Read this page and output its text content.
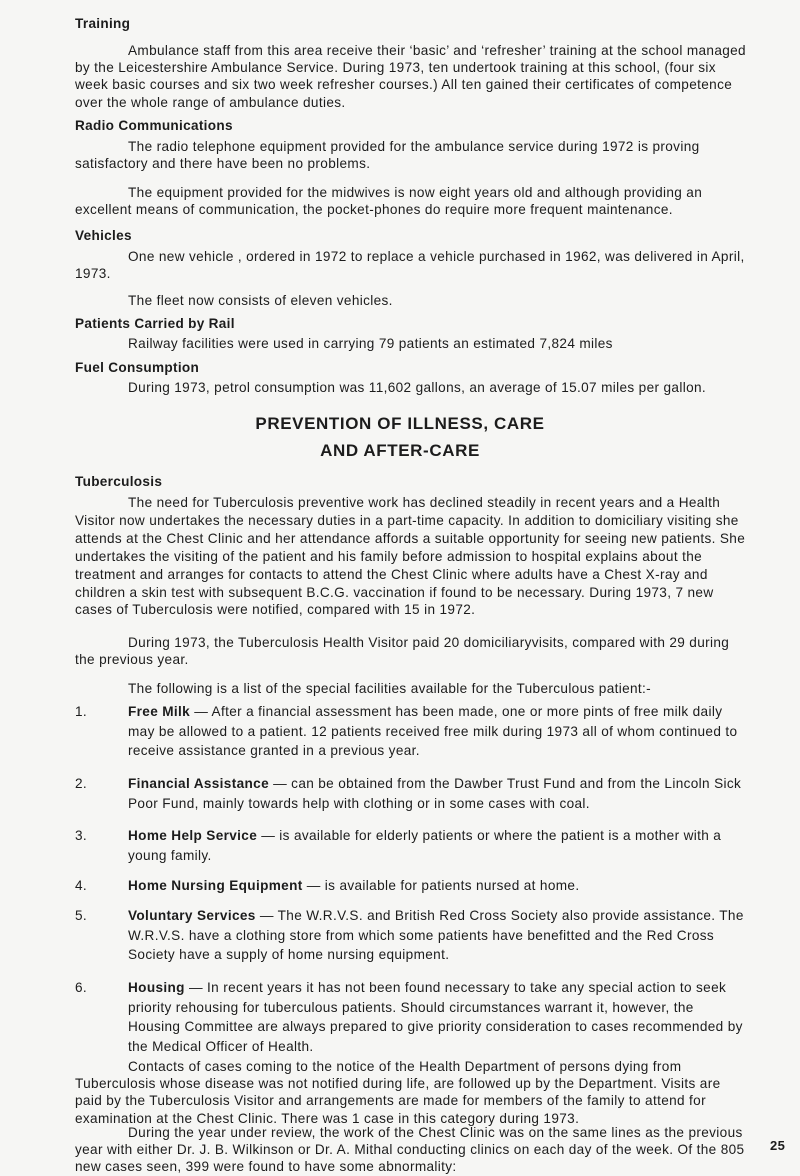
Training
Ambulance staff from this area receive their ‘basic’ and ‘refresher’ training at the school managed by the Leicestershire Ambulance Service. During 1973, ten undertook training at this school, (four six week basic courses and six two week refresher courses.) All ten gained their certificates of competence over the whole range of ambulance duties.
Radio Communications
The radio telephone equipment provided for the ambulance service during 1972 is proving satisfactory and there have been no problems.
The equipment provided for the midwives is now eight years old and although providing an excellent means of communication, the pocket-phones do require more frequent maintenance.
Vehicles
One new vehicle , ordered in 1972 to replace a vehicle purchased in 1962, was delivered in April, 1973.
The fleet now consists of eleven vehicles.
Patients Carried by Rail
Railway facilities were used in carrying 79 patients an estimated 7,824 miles
Fuel Consumption
During 1973, petrol consumption was 11,602 gallons, an average of 15.07 miles per gallon.
PREVENTION OF ILLNESS, CARE
AND AFTER-CARE
Tuberculosis
The need for Tuberculosis preventive work has declined steadily in recent years and a Health Visitor now undertakes the necessary duties in a part-time capacity. In addition to domiciliary visiting she attends at the Chest Clinic and her attendance affords a suitable opportunity for seeing new patients. She undertakes the visiting of the patient and his family before admission to hospital explains about the treatment and arranges for contacts to attend the Chest Clinic where adults have a Chest X-ray and children a skin test with subsequent B.C.G. vaccination if found to be necessary. During 1973, 7 new cases of Tuberculosis were notified, compared with 15 in 1972.
During 1973, the Tuberculosis Health Visitor paid 20 domiciliaryvisits, compared with 29 during the previous year.
The following is a list of the special facilities available for the Tuberculous patient:-
1.	Free Milk — After a financial assessment has been made, one or more pints of free milk daily may be allowed to a patient. 12 patients received free milk during 1973 all of whom continued to receive assistance granted in a previous year.
2.	Financial Assistance — can be obtained from the Dawber Trust Fund and from the Lincoln Sick Poor Fund, mainly towards help with clothing or in some cases with coal.
3.	Home Help Service — is available for elderly patients or where the patient is a mother with a young family.
4.	Home Nursing Equipment — is available for patients nursed at home.
5.	Voluntary Services — The W.R.V.S. and British Red Cross Society also provide assistance. The W.R.V.S. have a clothing store from which some patients have benefitted and the Red Cross Society have a supply of home nursing equipment.
6.	Housing — In recent years it has not been found necessary to take any special action to seek priority rehousing for tuberculous patients. Should circumstances warrant it, however, the Housing Committee are always prepared to give priority consideration to cases recommended by the Medical Officer of Health.
Contacts of cases coming to the notice of the Health Department of persons dying from Tuberculosis whose disease was not notified during life, are followed up by the Department. Visits are paid by the Tuberculosis Visitor and arrangements are made for members of the family to attend for examination at the Chest Clinic. There was 1 case in this category during 1973.
During the year under review, the work of the Chest Clinic was on the same lines as the previous year with either Dr. J. B. Wilkinson or Dr. A. Mithal conducting clinics on each day of the week. Of the 805 new cases seen, 399 were found to have some abnormality:
25
